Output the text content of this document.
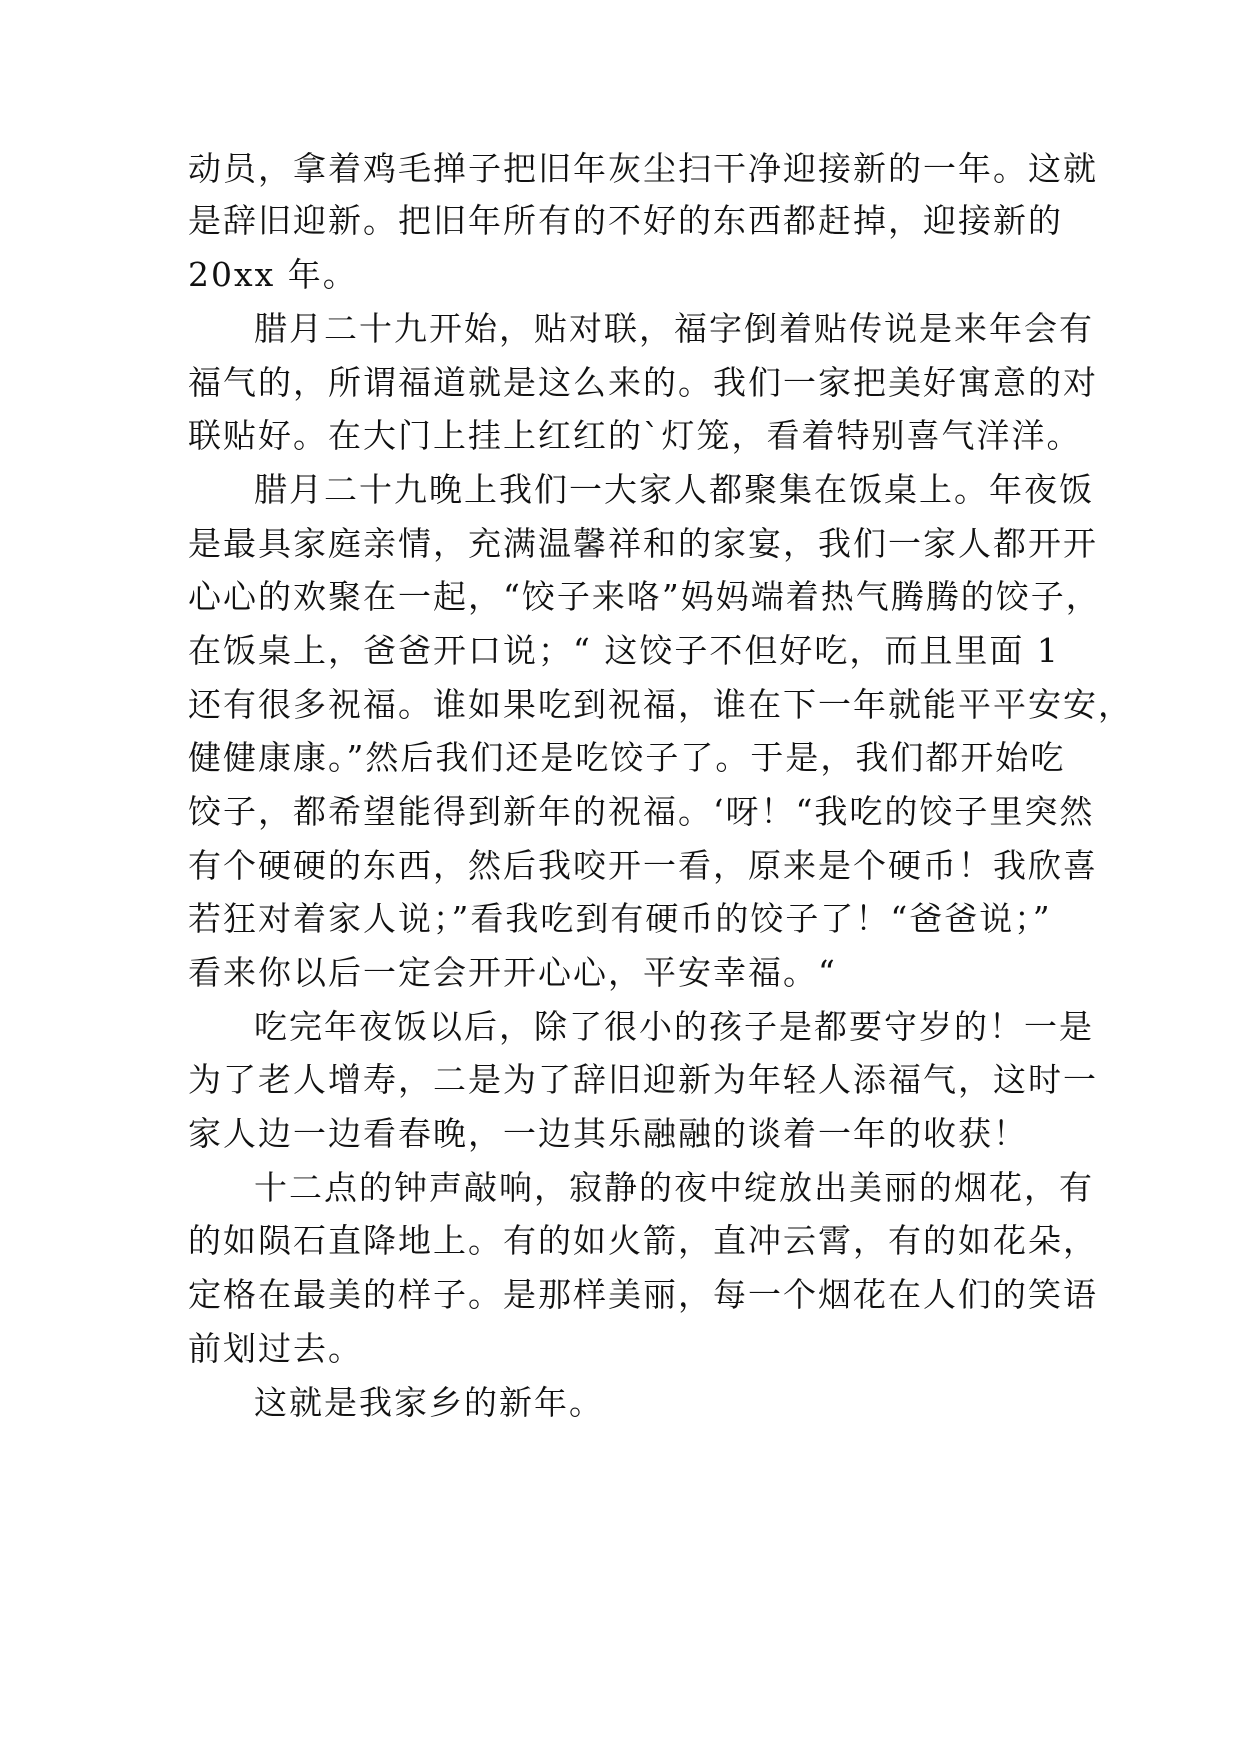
动员，拿着鸡毛掸子把旧年灰尘扫干净迎接新的一年。这就
是辞旧迎新。把旧年所有的不好的东西都赶掉，迎接新的
20xx 年。
腊月二十九开始，贴对联，福字倒着贴传说是来年会有
福气的，所谓福道就是这么来的。我们一家把美好寓意的对
联贴好。在大门上挂上红红的`灯笼，看着特别喜气洋洋。
腊月二十九晚上我们一大家人都聚集在饭桌上。年夜饭
是最具家庭亲情，充满温馨祥和的家宴，我们一家人都开开
心心的欢聚在一起，“饺子来咯”妈妈端着热气腾腾的饺子，
在饭桌上，爸爸开口说；“ 这饺子不但好吃，而且里面 1
还有很多祝福。谁如果吃到祝福，谁在下一年就能平平安安，
健健康康。”然后我们还是吃饺子了。于是，我们都开始吃
饺子，都希望能得到新年的祝福。‘呀！“我吃的饺子里突然
有个硬硬的东西，然后我咬开一看，原来是个硬币！我欣喜
若狂对着家人说；”看我吃到有硬币的饺子了！“爸爸说；”
看来你以后一定会开开心心，平安幸福。“
吃完年夜饭以后，除了很小的孩子是都要守岁的！一是
为了老人增寿，二是为了辞旧迎新为年轻人添福气，这时一
家人边一边看春晚，一边其乐融融的谈着一年的收获！
十二点的钟声敲响，寂静的夜中绽放出美丽的烟花，有
的如陨石直降地上。有的如火箭，直冲云霄，有的如花朵，
定格在最美的样子。是那样美丽，每一个烟花在人们的笑语
前划过去。
这就是我家乡的新年。
